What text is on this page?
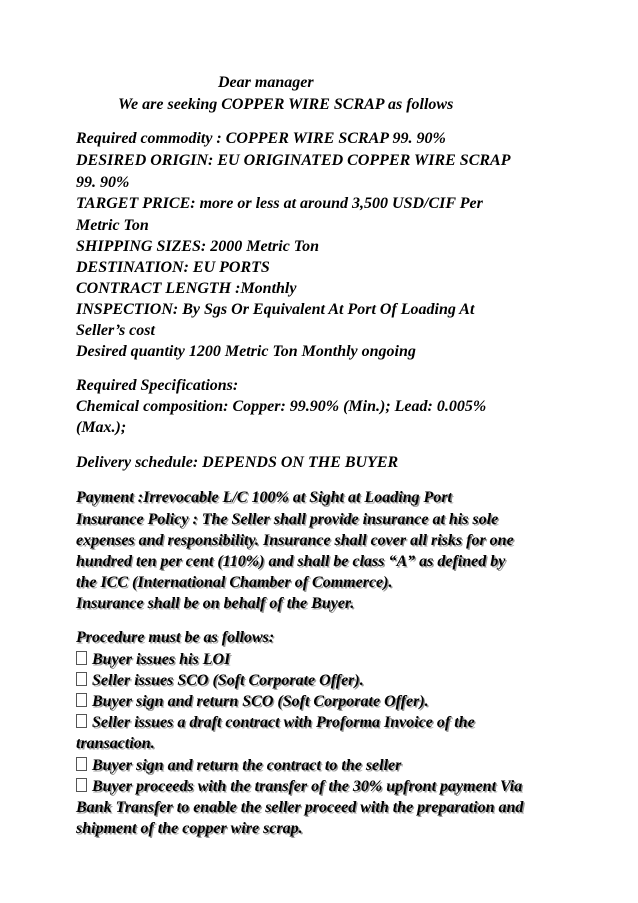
Dear manager
We are seeking COPPER WIRE SCRAP as follows
Required commodity : COPPER WIRE SCRAP 99. 90%
DESIRED ORIGIN: EU ORIGINATED COPPER WIRE SCRAP
99. 90%
TARGET PRICE: more or less at around 3,500 USD/CIF Per
Metric Ton
SHIPPING SIZES: 2000 Metric Ton
DESTINATION: EU PORTS
CONTRACT LENGTH :Monthly
INSPECTION: By Sgs Or Equivalent At Port Of Loading At
Seller’s cost
Desired quantity 1200 Metric Ton Monthly ongoing
Required Specifications:
Chemical composition: Copper: 99.90% (Min.); Lead: 0.005%
(Max.);
Delivery schedule: DEPENDS ON THE BUYER
Payment :Irrevocable L/C 100% at Sight at Loading Port
Insurance Policy : The Seller shall provide insurance at his sole
expenses and responsibility. Insurance shall cover all risks for one
hundred ten per cent (110%) and shall be class “A” as defined by
the ICC (International Chamber of Commerce).
Insurance shall be on behalf of the Buyer.
Procedure must be as follows:
Buyer issues his LOI
Seller issues SCO (Soft Corporate Offer).
Buyer sign and return SCO (Soft Corporate Offer).
Seller issues a draft contract with Proforma Invoice of the
transaction.
Buyer sign and return the contract to the seller
Buyer proceeds with the transfer of the 30% upfront payment Via
Bank Transfer to enable the seller proceed with the preparation and
shipment of the copper wire scrap.
